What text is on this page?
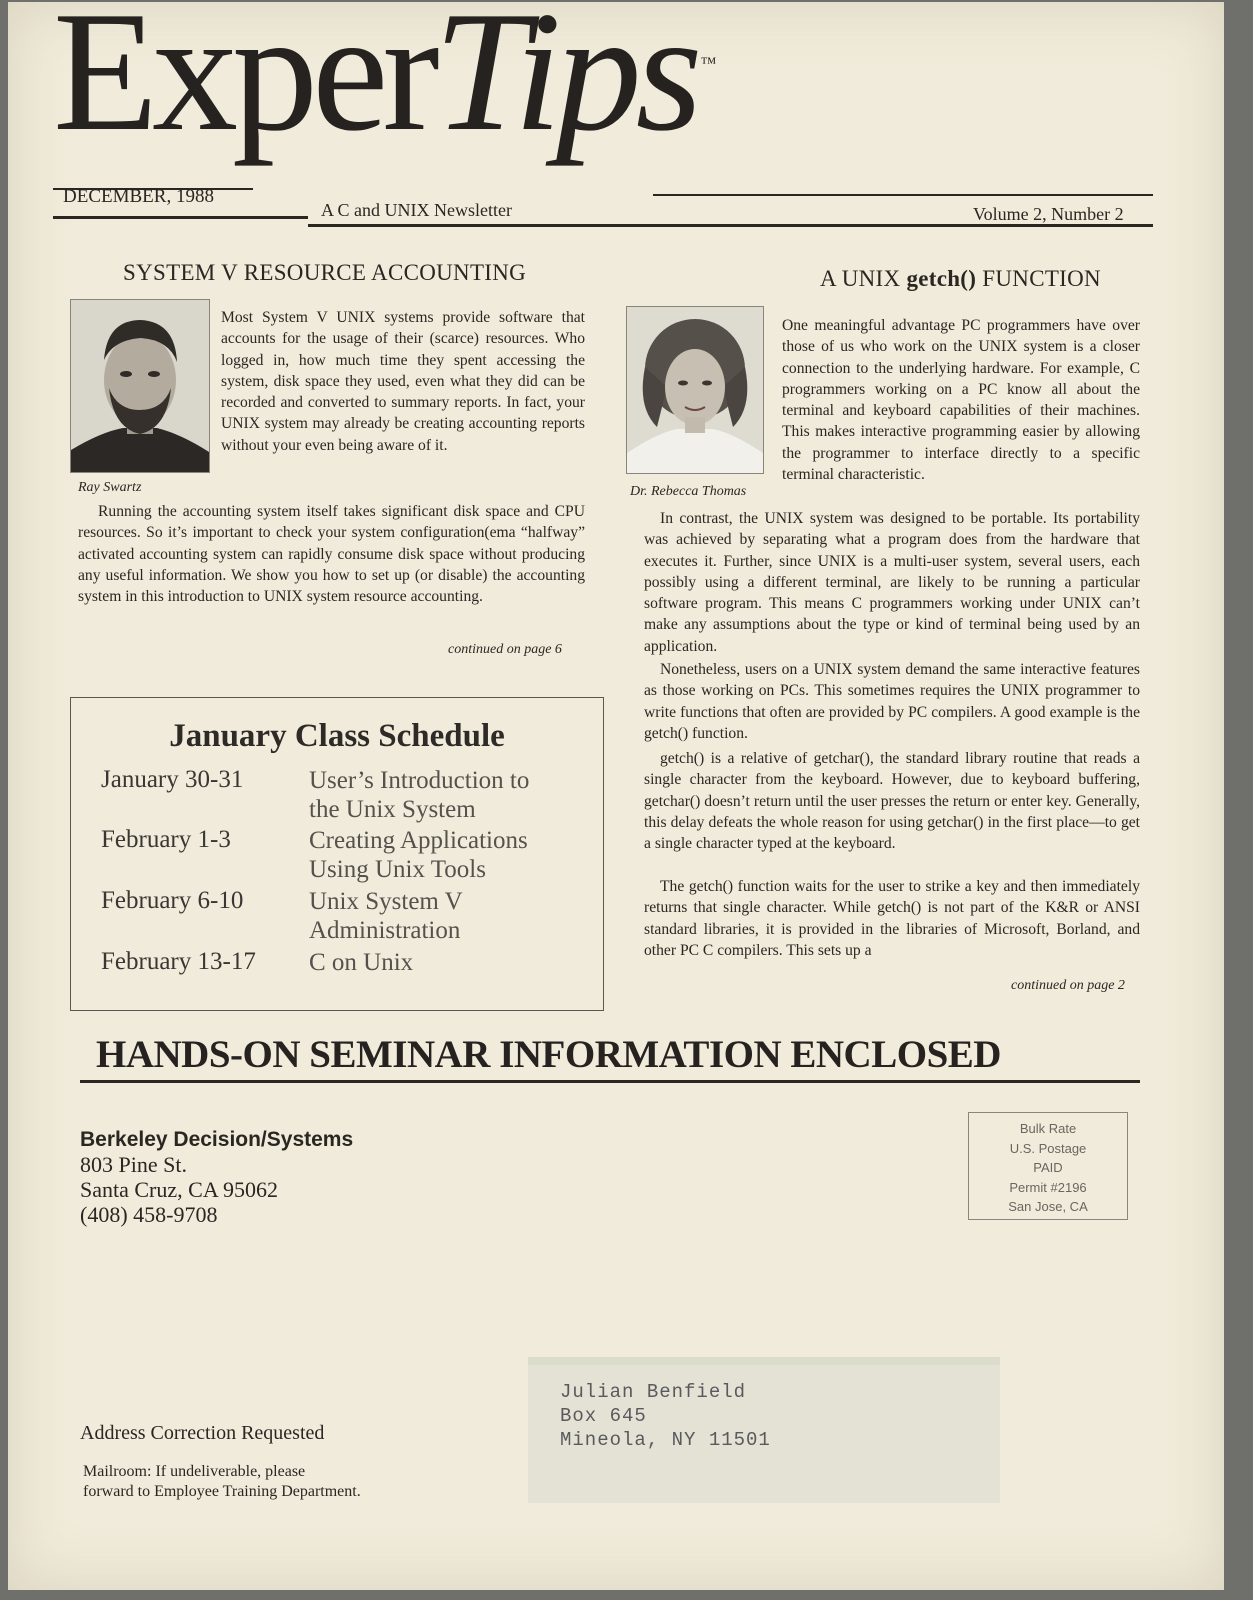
ExperTips ™
DECEMBER, 1988
A C and UNIX Newsletter	Volume 2, Number 2
SYSTEM V RESOURCE ACCOUNTING
Ray Swartz

Most System V UNIX systems provide software that accounts for the usage of their (scarce) resources. Who logged in, how much time they spent accessing the system, disk space they used, even what they did can be recorded and converted to summary reports. In fact, your UNIX system may already be creating accounting reports without your even being aware of it.

Running the accounting system itself takes significant disk space and CPU resources. So it’s important to check your system configuration(ema “halfway” activated accounting system can rapidly consume disk space without producing any useful information. We show you how to set up (or disable) the accounting system in this introduction to UNIX system resource accounting.

continued on page 6
A UNIX getch() FUNCTION
Dr. Rebecca Thomas

One meaningful advantage PC programmers have over those of us who work on the UNIX system is a closer connection to the underlying hardware. For example, C programmers working on a PC know all about the terminal and keyboard capabilities of their machines. This makes interactive programming easier by allowing the programmer to interface directly to a specific terminal characteristic.

In contrast, the UNIX system was designed to be portable. Its portability was achieved by separating what a program does from the hardware that executes it. Further, since UNIX is a multi-user system, several users, each possibly using a different terminal, are likely to be running a particular software program. This means C programmers working under UNIX can’t make any assumptions about the type or kind of terminal being used by an application.

Nonetheless, users on a UNIX system demand the same interactive features as those working on PCs. This sometimes requires the UNIX programmer to write functions that often are provided by PC compilers. A good example is the getch() function.

getch() is a relative of getchar(), the standard library routine that reads a single character from the keyboard. However, due to keyboard buffering, getchar() doesn’t return until the user presses the return or enter key. Generally, this delay defeats the whole reason for using getchar() in the first place—to get a single character typed at the keyboard.

The getch() function waits for the user to strike a key and then immediately returns that single character. While getch() is not part of the K&R or ANSI standard libraries, it is provided in the libraries of Microsoft, Borland, and other PC C compilers. This sets up a

continued on page 2
January Class Schedule
January 30-31	User’s Introduction to
the Unix System
February 1-3	Creating Applications
Using Unix Tools
February 6-10	Unix System V
Administration
February 13-17 C on Unix
HANDS-ON SEMINAR INFORMATION ENCLOSED
Berkeley Decision/Systems
803 Pine St.
Santa Cruz, CA 95062
(408) 458-9708
Bulk Rate
U.S. Postage
PAID
Permit #2196
San Jose, CA
Julian Benfield
Box 645
Mineola, NY 11501
Address Correction Requested
Mailroom: If undeliverable, please
forward to Employee Training Department.
